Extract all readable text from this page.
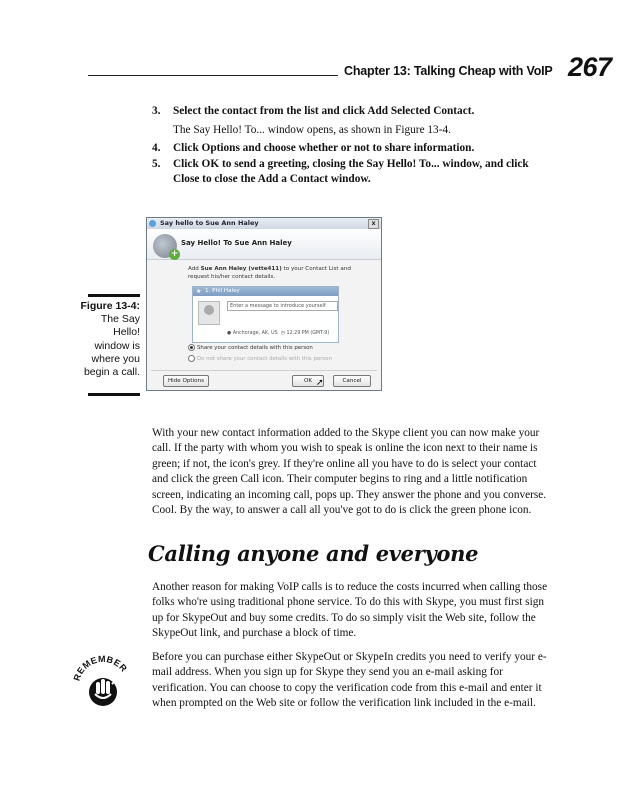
Chapter 13: Talking Cheap with VoIP 267
3.	Select the contact from the list and click Add Selected Contact.
The Say Hello! To... window opens, as shown in Figure 13-4.
4.	Click Options and choose whether or not to share information.
5.	Click OK to send a greeting, closing the Say Hello! To... window, and click Close to close the Add a Contact window.
Figure 13-4:
The Say Hello! window is where you begin a call.
Say hello to Sue Ann Haley	x
+
Say Hello! To Sue Ann Haley
Add Sue Ann Haley (vette411) to your Contact List and request his/her contact details.
★ 1. Phil Haley
Enter a message to introduce yourself
● Anchorage, AK, US ◷ 12:29 PM (GMT-9)
Share your contact details with this person
Do not share your contact details with this person
Hide Options	OK	Cancel
➚
With your new contact information added to the Skype client you can now make your call. If the party with whom you wish to speak is online the icon next to their name is green; if not, the icon's grey. If they're online all you have to do is select your contact and click the green Call icon. Their computer begins to ring and a little notification screen, indicating an incoming call, pops up. They answer the phone and you converse. Cool. By the way, to answer a call all you've got to do is click the green phone icon.
Calling anyone and everyone
Another reason for making VoIP calls is to reduce the costs incurred when calling those folks who're using traditional phone service. To do this with Skype, you must first sign up for SkypeOut and buy some credits. To do so simply visit the Web site, follow the SkypeOut link, and purchase a block of time.
REMEMBER
Before you can purchase either SkypeOut or SkypeIn credits you need to verify your e-mail address. When you sign up for Skype they send you an e-mail asking for verification. You can choose to copy the verification code from this e-mail and enter it when prompted on the Web site or follow the verification link included in the e-mail.
